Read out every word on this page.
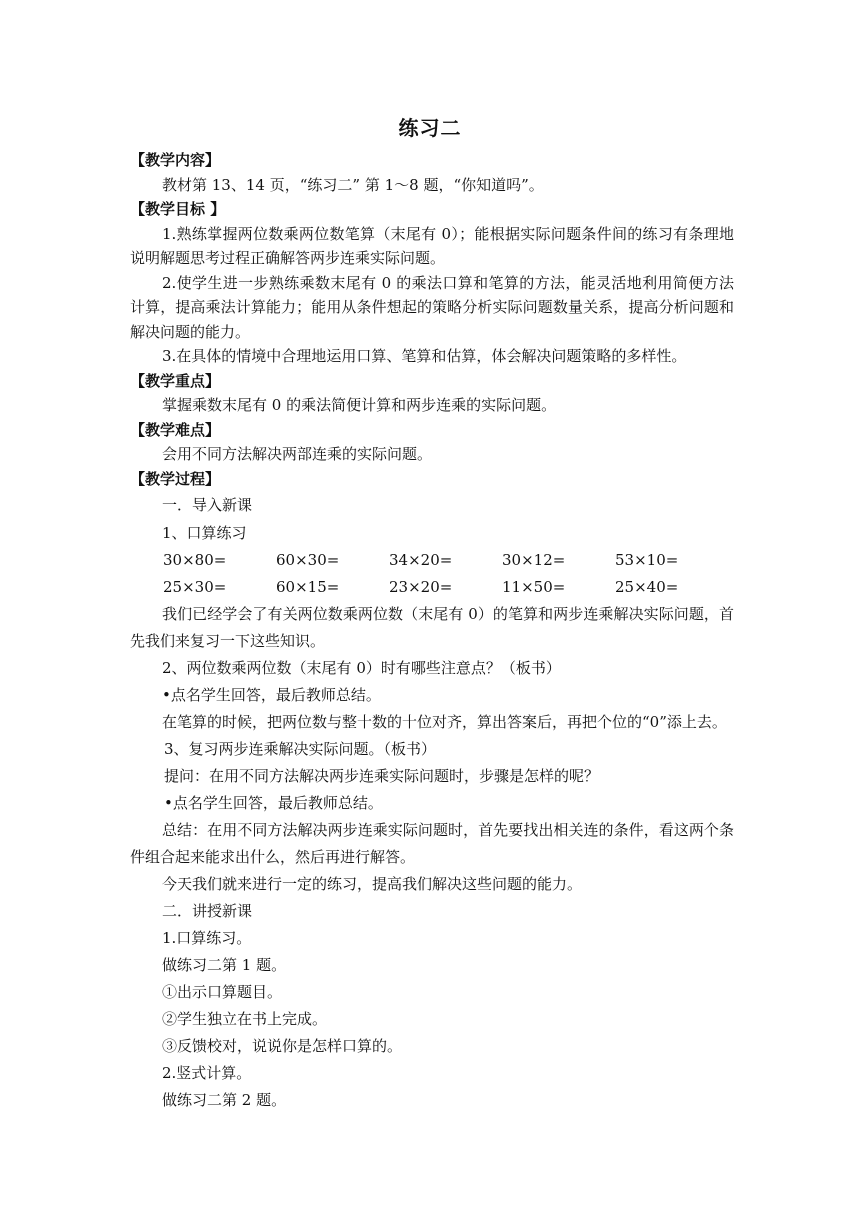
练习二

【教学内容】

教材第 13、14 页，“练习二” 第 1～8 题，“你知道吗”。

【教学目标 】

1.熟练掌握两位数乘两位数笔算（末尾有 0）；能根据实际问题条件间的练习有条理地说明解题思考过程正确解答两步连乘实际问题。

2.使学生进一步熟练乘数末尾有 0 的乘法口算和笔算的方法，能灵活地利用简便方法计算，提高乘法计算能力；能用从条件想起的策略分析实际问题数量关系，提高分析问题和解决问题的能力。

3.在具体的情境中合理地运用口算、笔算和估算，体会解决问题策略的多样性。

【教学重点】

掌握乘数末尾有 0 的乘法简便计算和两步连乘的实际问题。

【教学难点】

会用不同方法解决两部连乘的实际问题。

【教学过程】

一．导入新课

1、口算练习

30×80=	60×30=	34×20=	30×12=	53×10=
25×30=	60×15=	23×20=	11×50=	25×40=

我们已经学会了有关两位数乘两位数（末尾有 0）的笔算和两步连乘解决实际问题，首先我们来复习一下这些知识。

2、两位数乘两位数（末尾有 0）时有哪些注意点？（板书）

•点名学生回答，最后教师总结。

在笔算的时候，把两位数与整十数的十位对齐，算出答案后，再把个位的“0”添上去。

3、复习两步连乘解决实际问题。（板书）

提问：在用不同方法解决两步连乘实际问题时，步骤是怎样的呢？

•点名学生回答，最后教师总结。

总结：在用不同方法解决两步连乘实际问题时，首先要找出相关连的条件，看这两个条件组合起来能求出什么，然后再进行解答。

今天我们就来进行一定的练习，提高我们解决这些问题的能力。

二．讲授新课

1.口算练习。

做练习二第 1 题。

①出示口算题目。

②学生独立在书上完成。

③反馈校对，说说你是怎样口算的。

2.竖式计算。

做练习二第 2 题。
